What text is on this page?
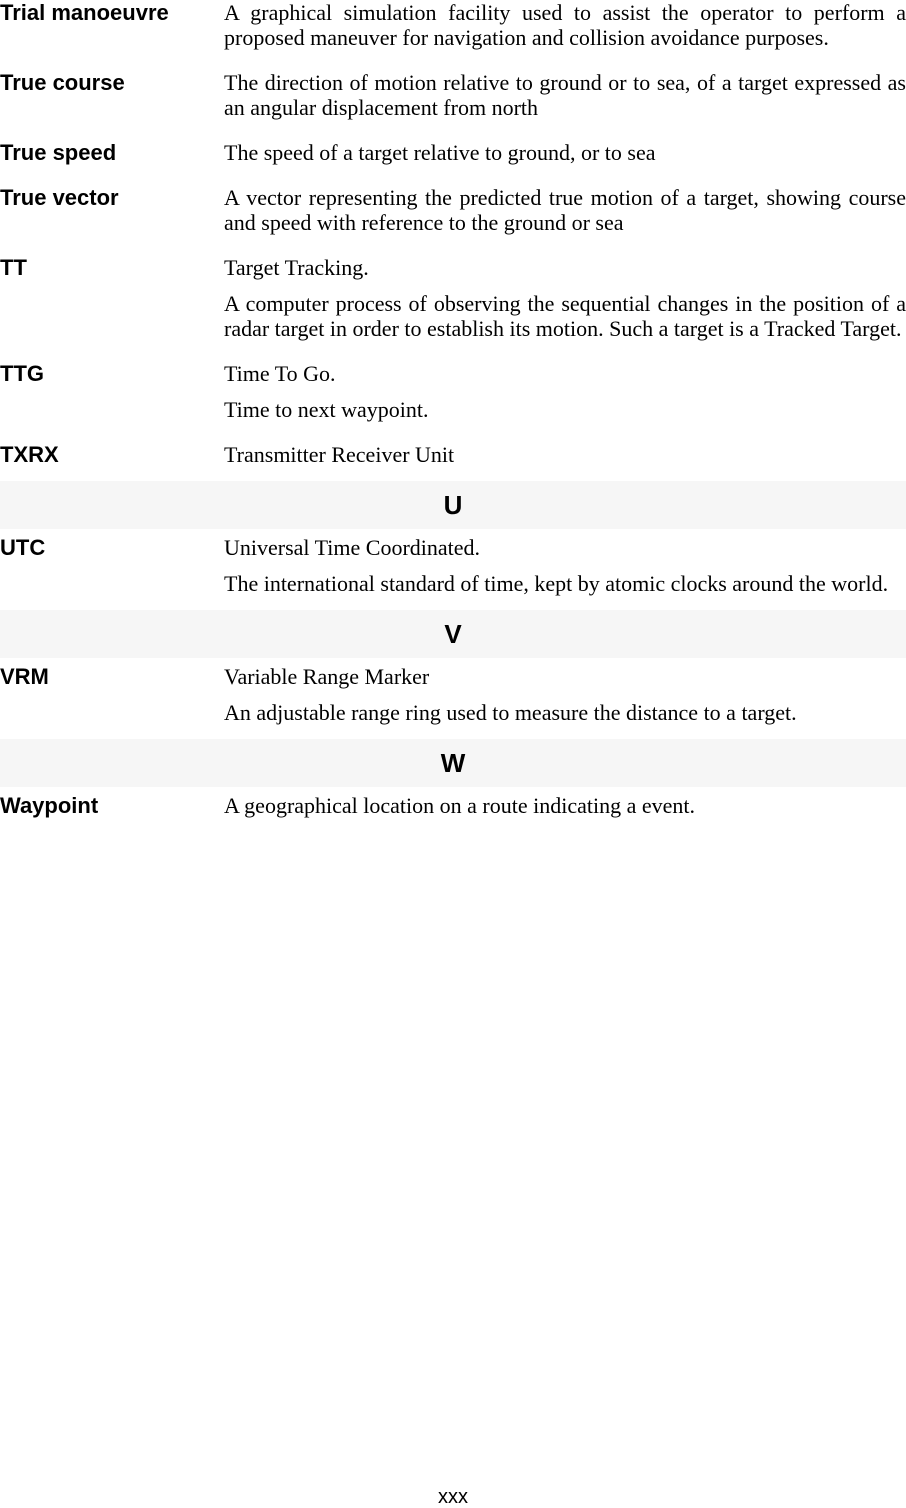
Trial manoeuvre	A graphical simulation facility used to assist the operator to perform a proposed maneuver for navigation and collision avoidance purposes.

True course	The direction of motion relative to ground or to sea, of a target expressed as an angular displacement from north

True speed	The speed of a target relative to ground, or to sea

True vector	A vector representing the predicted true motion of a target, showing course and speed with reference to the ground or sea

TT	Target Tracking.

A computer process of observing the sequential changes in the position of a radar target in order to establish its motion. Such a target is a Tracked Target.

TTG	Time To Go.

Time to next waypoint.

TXRX	Transmitter Receiver Unit

U
UTC	Universal Time Coordinated.

The international standard of time, kept by atomic clocks around the world.

V
VRM	Variable Range Marker

An adjustable range ring used to measure the distance to a target.

W
Waypoint	A geographical location on a route indicating a event.

xxx
